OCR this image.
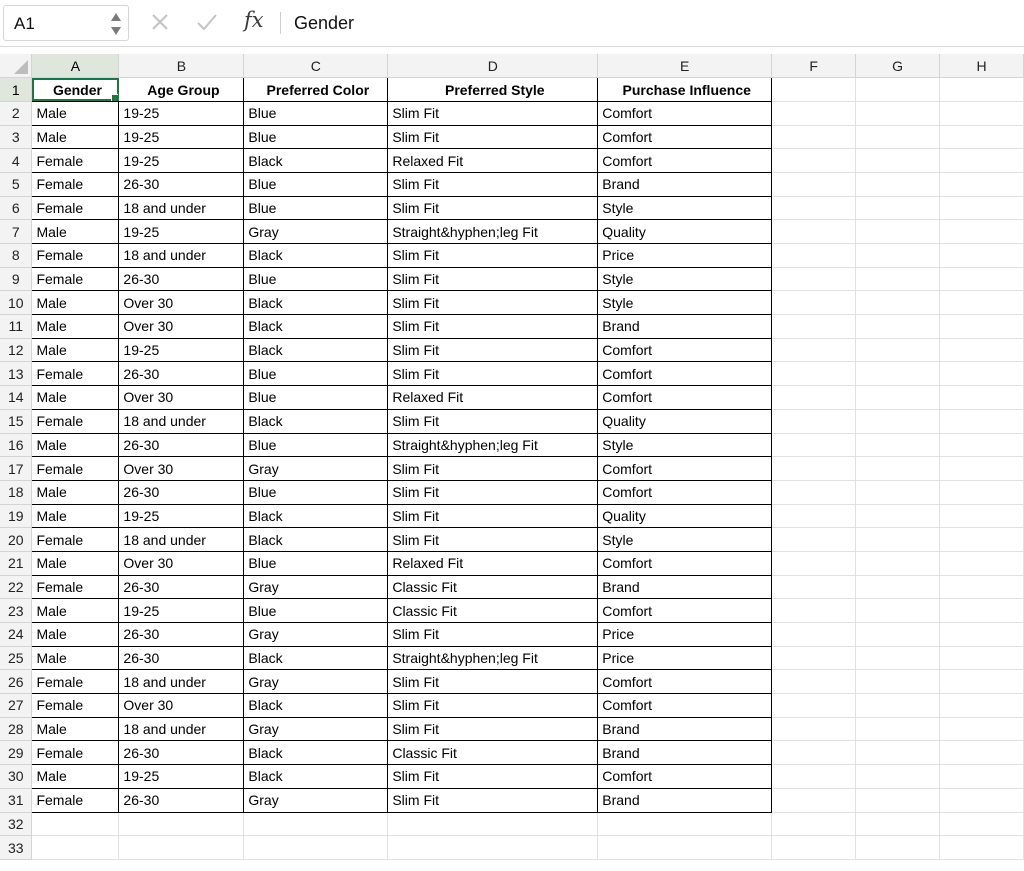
A1	fx Gender
	A	B	C	D	E	F	G	H
1	Gender	Age Group	Preferred Color	Preferred Style	Purchase Influence			
2	Male	19-25	Blue	Slim Fit	Comfort			
3	Male	19-25	Blue	Slim Fit	Comfort			
4	Female	19-25	Black	Relaxed Fit	Comfort			
5	Female	26-30	Blue	Slim Fit	Brand			
6	Female	18 and under	Blue	Slim Fit	Style			
7	Male	19-25	Gray	Straight&hyphen;leg Fit	Quality			
8	Female	18 and under	Black	Slim Fit	Price			
9	Female	26-30	Blue	Slim Fit	Style			
10	Male	Over 30	Black	Slim Fit	Style			
11	Male	Over 30	Black	Slim Fit	Brand			
12	Male	19-25	Black	Slim Fit	Comfort			
13	Female	26-30	Blue	Slim Fit	Comfort			
14	Male	Over 30	Blue	Relaxed Fit	Comfort			
15	Female	18 and under	Black	Slim Fit	Quality			
16	Male	26-30	Blue	Straight&hyphen;leg Fit	Style			
17	Female	Over 30	Gray	Slim Fit	Comfort			
18	Male	26-30	Blue	Slim Fit	Comfort			
19	Male	19-25	Black	Slim Fit	Quality			
20	Female	18 and under	Black	Slim Fit	Style			
21	Male	Over 30	Blue	Relaxed Fit	Comfort			
22	Female	26-30	Gray	Classic Fit	Brand			
23	Male	19-25	Blue	Classic Fit	Comfort			
24	Male	26-30	Gray	Slim Fit	Price			
25	Male	26-30	Black	Straight&hyphen;leg Fit	Price			
26	Female	18 and under	Gray	Slim Fit	Comfort			
27	Female	Over 30	Black	Slim Fit	Comfort			
28	Male	18 and under	Gray	Slim Fit	Brand			
29	Female	26-30	Black	Classic Fit	Brand			
30	Male	19-25	Black	Slim Fit	Comfort			
31	Female	26-30	Gray	Slim Fit	Brand			
32								
33								
